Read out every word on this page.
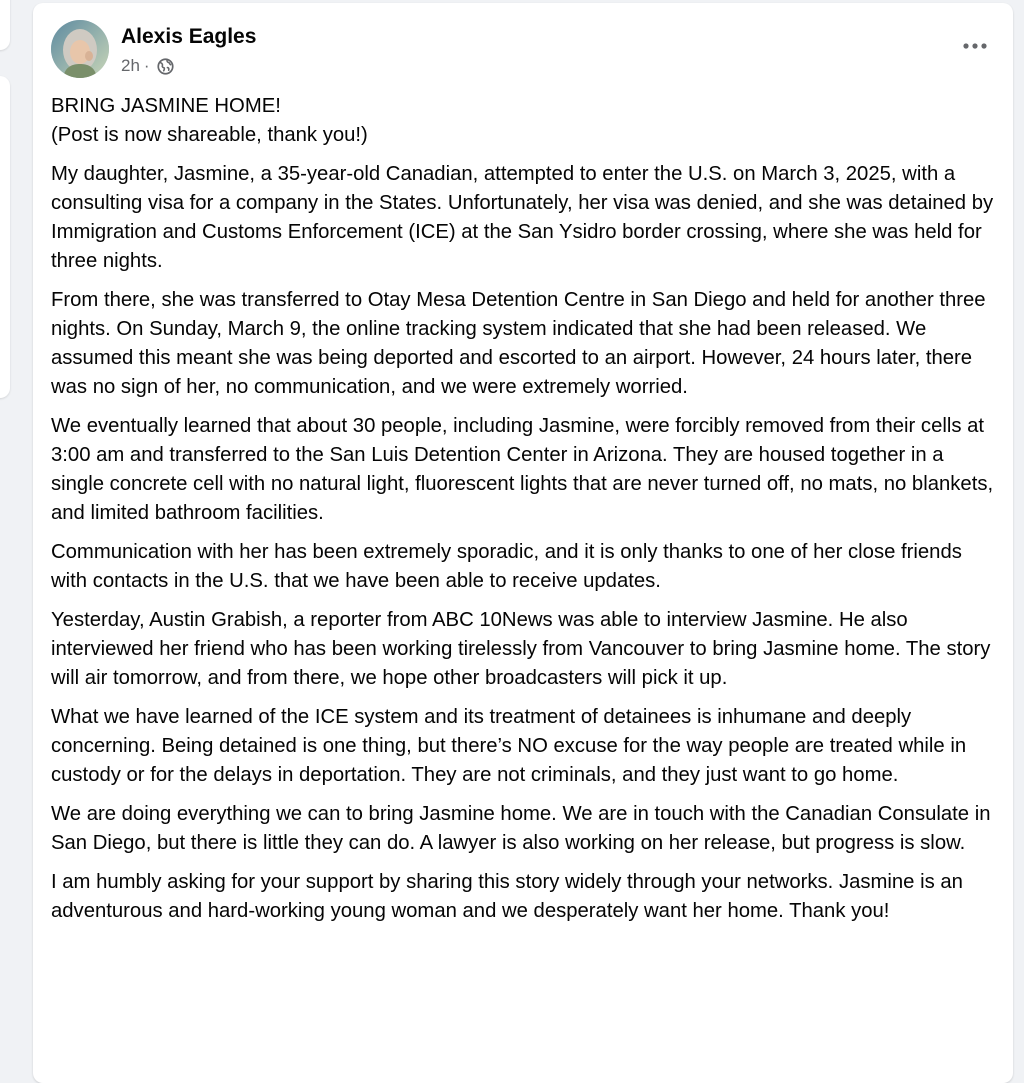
Alexis Eagles
2h ·

BRING JASMINE HOME!
(Post is now shareable, thank you!)

My daughter, Jasmine, a 35-year-old Canadian, attempted to enter the U.S. on March 3, 2025, with a consulting visa for a company in the States. Unfortunately, her visa was denied, and she was detained by Immigration and Customs Enforcement (ICE) at the San Ysidro border crossing, where she was held for three nights.

From there, she was transferred to Otay Mesa Detention Centre in San Diego and held for another three nights. On Sunday, March 9, the online tracking system indicated that she had been released. We assumed this meant she was being deported and escorted to an airport. However, 24 hours later, there was no sign of her, no communication, and we were extremely worried.

We eventually learned that about 30 people, including Jasmine, were forcibly removed from their cells at 3:00 am and transferred to the San Luis Detention Center in Arizona. They are housed together in a single concrete cell with no natural light, fluorescent lights that are never turned off, no mats, no blankets, and limited bathroom facilities.

Communication with her has been extremely sporadic, and it is only thanks to one of her close friends with contacts in the U.S. that we have been able to receive updates.

Yesterday, Austin Grabish, a reporter from ABC 10News was able to interview Jasmine. He also interviewed her friend who has been working tirelessly from Vancouver to bring Jasmine home. The story will air tomorrow, and from there, we hope other broadcasters will pick it up.

What we have learned of the ICE system and its treatment of detainees is inhumane and deeply concerning. Being detained is one thing, but there’s NO excuse for the way people are treated while in custody or for the delays in deportation. They are not criminals, and they just want to go home.

We are doing everything we can to bring Jasmine home. We are in touch with the Canadian Consulate in San Diego, but there is little they can do. A lawyer is also working on her release, but progress is slow.

I am humbly asking for your support by sharing this story widely through your networks. Jasmine is an adventurous and hard-working young woman and we desperately want her home. Thank you!
